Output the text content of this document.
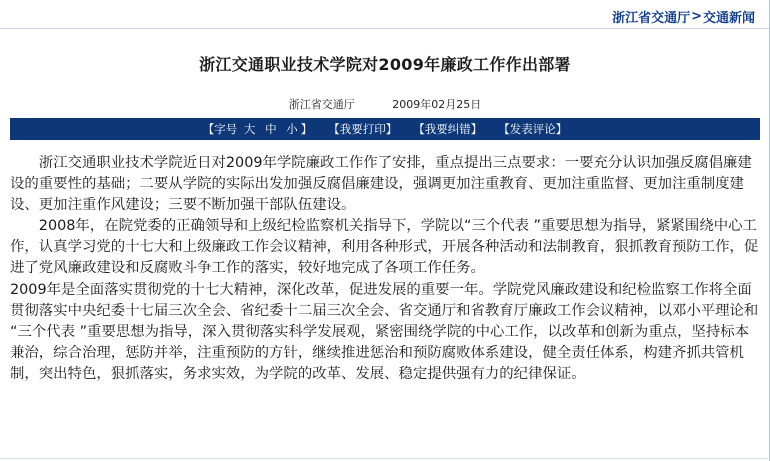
浙江省交通厅 > 交通新闻
浙江交通职业技术学院对2009年廉政工作作出部署
浙江省交通厅	2009年02月25日
【字号 大 中 小 】 【我要打印】 【我要纠错】 【发表评论】

浙江交通职业技术学院近日对2009年学院廉政工作作了安排，重点提出三点要求：一要充分认识加强反腐倡廉建设的重要性的基础；二要从学院的实际出发加强反腐倡廉建设，强调更加注重教育、更加注重监督、更加注重制度建设、更加注重作风建设；三要不断加强干部队伍建设。

2008年，在院党委的正确领导和上级纪检监察机关指导下，学院以“三个代表 ”重要思想为指导，紧紧围绕中心工作，认真学习党的十七大和上级廉政工作会议精神，利用各种形式，开展各种活动和法制教育，狠抓教育预防工作，促进了党风廉政建设和反腐败斗争工作的落实，较好地完成了各项工作任务。

2009年是全面落实贯彻党的十七大精神，深化改革，促进发展的重要一年。学院党风廉政建设和纪检监察工作将全面贯彻落实中央纪委十七届三次全会、省纪委十二届三次全会、省交通厅和省教育厅廉政工作会议精神，以邓小平理论和 “三个代表 ”重要思想为指导，深入贯彻落实科学发展观，紧密围绕学院的中心工作，以改革和创新为重点，坚持标本兼治，综合治理，惩防并举，注重预防的方针，继续推进惩治和预防腐败体系建设，健全责任体系，构建齐抓共管机制，突出特色，狠抓落实，务求实效，为学院的改革、发展、稳定提供强有力的纪律保证。
